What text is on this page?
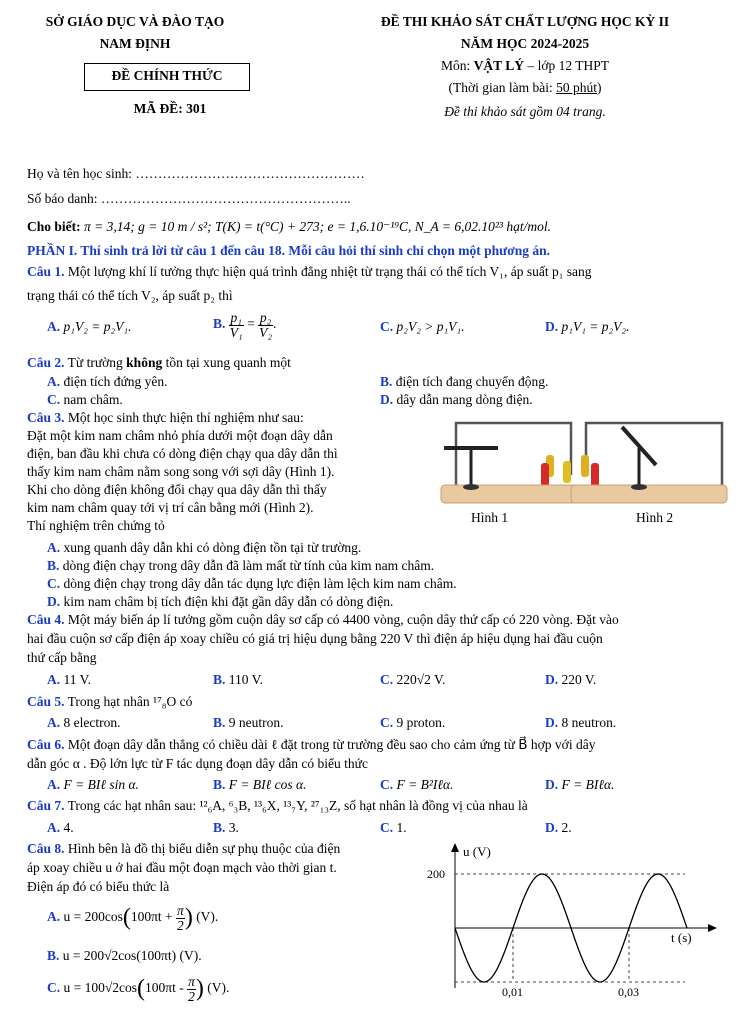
SỞ GIÁO DỤC VÀ ĐÀO TẠO
NAM ĐỊNH
ĐỀ CHÍNH THỨC
MÃ ĐỀ: 301
ĐỀ THI KHẢO SÁT CHẤT LƯỢNG HỌC KỲ II
NĂM HỌC 2024-2025
Môn: VẬT LÝ – lớp 12 THPT
(Thời gian làm bài: 50 phút)
Đề thi khảo sát gồm 04 trang.
Họ và tên học sinh: ……………………………………………
Số báo danh: ………………………………………………..
Cho biết: π = 3,14; g = 10 m / s²; T(K) = t(°C) + 273; e = 1,6.10⁻¹⁹C, N_A = 6,02.10²³ hạt/mol.
PHẦN I. Thí sinh trả lời từ câu 1 đến câu 18. Mỗi câu hỏi thí sinh chỉ chọn một phương án.
Câu 1. Một lượng khí lí tưởng thực hiện quá trình đẳng nhiệt từ trạng thái có thể tích V₁, áp suất p₁ sang
trạng thái có thể tích V₂, áp suất p₂ thì
A. p₁V₂ = p₂V₁.	B. $\frac{\text{p₁}}{\text{V₁}} = \frac{\text{p₂}}{\text{V₂}}$ .	C. p₂V₂ > p₁V₁.	D. p₁V₁ = p₂V₂.
Câu 2. Từ trường không tồn tại xung quanh một
A. điện tích đứng yên.	B. điện tích đang chuyển động.
C. nam châm.	D. dây dẫn mang dòng điện.
Câu 3. Một học sinh thực hiện thí nghiệm như sau:
Đặt một kim nam châm nhỏ phía dưới một đoạn dây dẫn
điện, ban đầu khi chưa có dòng điện chạy qua dây dẫn thì
thấy kim nam châm nằm song song với sợi dây (Hình 1).
Khi cho dòng điện không đổi chạy qua dây dẫn thì thấy
kim nam châm quay tới vị trí cân bằng mới (Hình 2).
Thí nghiệm trên chứng tỏ
Hình 1	Hình 2
A. xung quanh dây dẫn khi có dòng điện tồn tại từ trường.
B. dòng điện chạy trong dây dẫn đã làm mất từ tính của kim nam châm.
C. dòng điện chạy trong dây dẫn tác dụng lực điện làm lệch kim nam châm.
D. kim nam châm bị tích điện khi đặt gần dây dẫn có dòng điện.
Câu 4. Một máy biến áp lí tưởng gồm cuộn dây sơ cấp có 4400 vòng, cuộn dây thứ cấp có 220 vòng. Đặt vào
hai đầu cuộn sơ cấp điện áp xoay chiều có giá trị hiệu dụng bằng 220 V thì điện áp hiệu dụng hai đầu cuộn
thứ cấp bằng
A. 11 V.	B. 110 V.	C. 220√2 V.	D. 220 V.
Câu 5. Trong hạt nhân ¹⁷₈O có
A. 8 electron.	B. 9 neutron.	C. 9 proton.	D. 8 neutron.
Câu 6. Một đoạn dây dẫn thẳng có chiều dài ℓ đặt trong từ trường đều sao cho cảm ứng từ B⃗ hợp với dây
dẫn góc α . Độ lớn lực từ F tác dụng đoạn dây dẫn có biểu thức
A. F = BIℓ sin α.	B. F = BIℓ cos α.	C. F = B²Iℓα.	D. F = BIℓα.
Câu 7. Trong các hạt nhân sau: ¹²₆A, ⁶₃B, ¹³₆X, ¹³₇Y, ²⁷₁₃Z, số hạt nhân là đồng vị của nhau là
A. 4.	B. 3.	C. 1.	D. 2.
Câu 8. Hình bên là đồ thị biểu diễn sự phụ thuộc của điện
áp xoay chiều u ở hai đầu một đoạn mạch vào thời gian t.
Điện áp đó có biểu thức là
A. $u = 200\cos(100\pi t + \frac{\pi}{2}$ ) (V).
B. u = 200√2cos(100πt) (V).
C. $u = 100√2\cos(100\pi t - \frac{\pi}{2}$ ) (V).
u (V)
200
t (s)
0,01	0,03
